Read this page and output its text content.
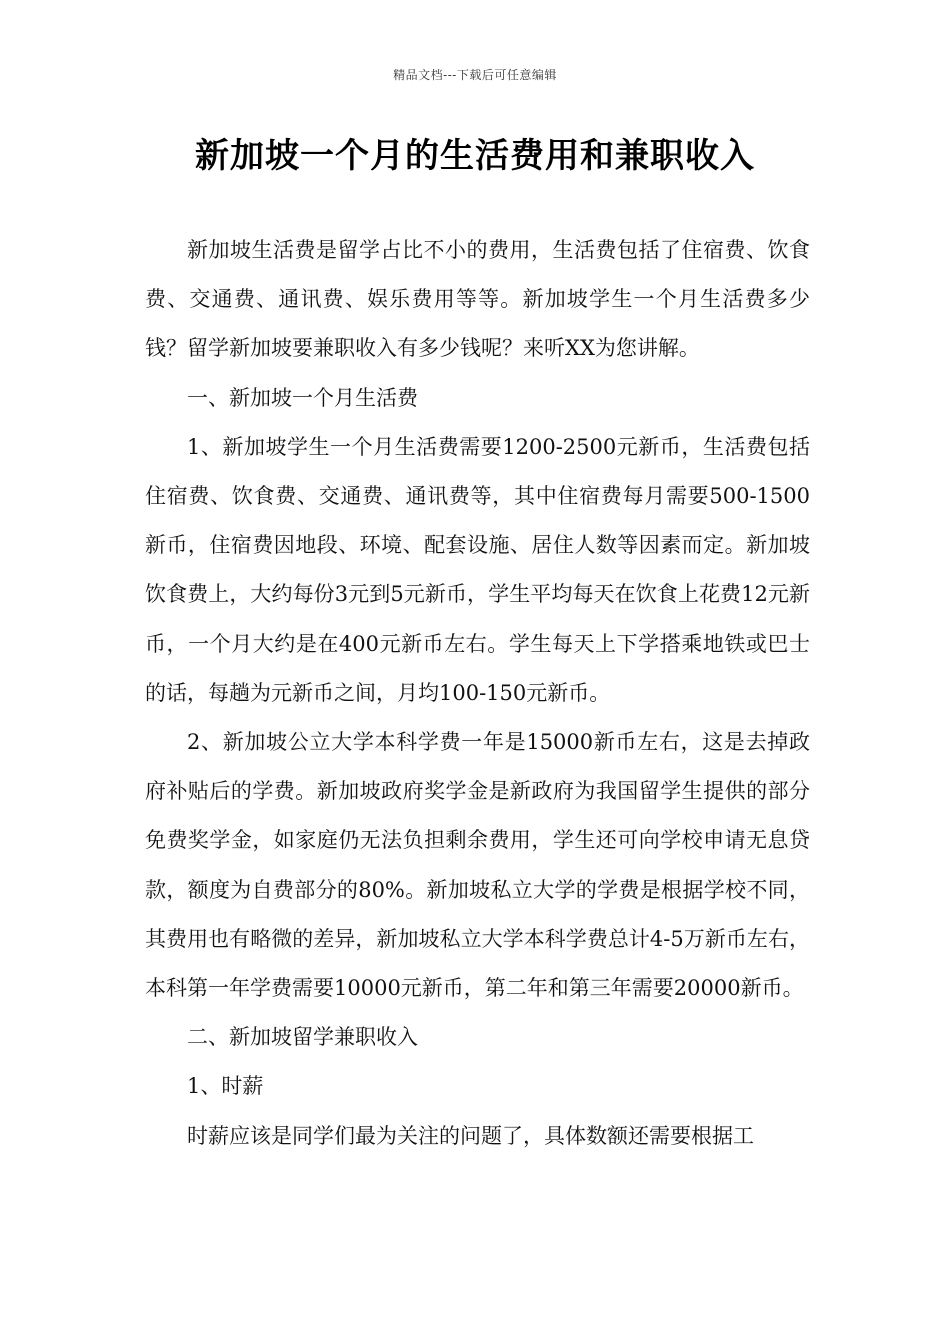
精品文档---下载后可任意编辑
新加坡一个月的生活费用和兼职收入

新加坡生活费是留学占比不小的费用，生活费包括了住宿费、饮食费、交通费、通讯费、娱乐费用等等。新加坡学生一个月生活费多少钱？留学新加坡要兼职收入有多少钱呢？来听XX为您讲解。

一、新加坡一个月生活费

1、新加坡学生一个月生活费需要1200-2500元新币，生活费包括住宿费、饮食费、交通费、通讯费等，其中住宿费每月需要500-1500新币，住宿费因地段、环境、配套设施、居住人数等因素而定。新加坡饮食费上，大约每份3元到5元新币，学生平均每天在饮食上花费12元新币，一个月大约是在400元新币左右。学生每天上下学搭乘地铁或巴士的话，每趟为元新币之间，月均100-150元新币。

2、新加坡公立大学本科学费一年是15000新币左右，这是去掉政府补贴后的学费。新加坡政府奖学金是新政府为我国留学生提供的部分免费奖学金，如家庭仍无法负担剩余费用，学生还可向学校申请无息贷款，额度为自费部分的80%。新加坡私立大学的学费是根据学校不同，其费用也有略微的差异，新加坡私立大学本科学费总计4-5万新币左右，本科第一年学费需要10000元新币，第二年和第三年需要20000新币。

二、新加坡留学兼职收入

1、时薪

时薪应该是同学们最为关注的问题了，具体数额还需要根据工
